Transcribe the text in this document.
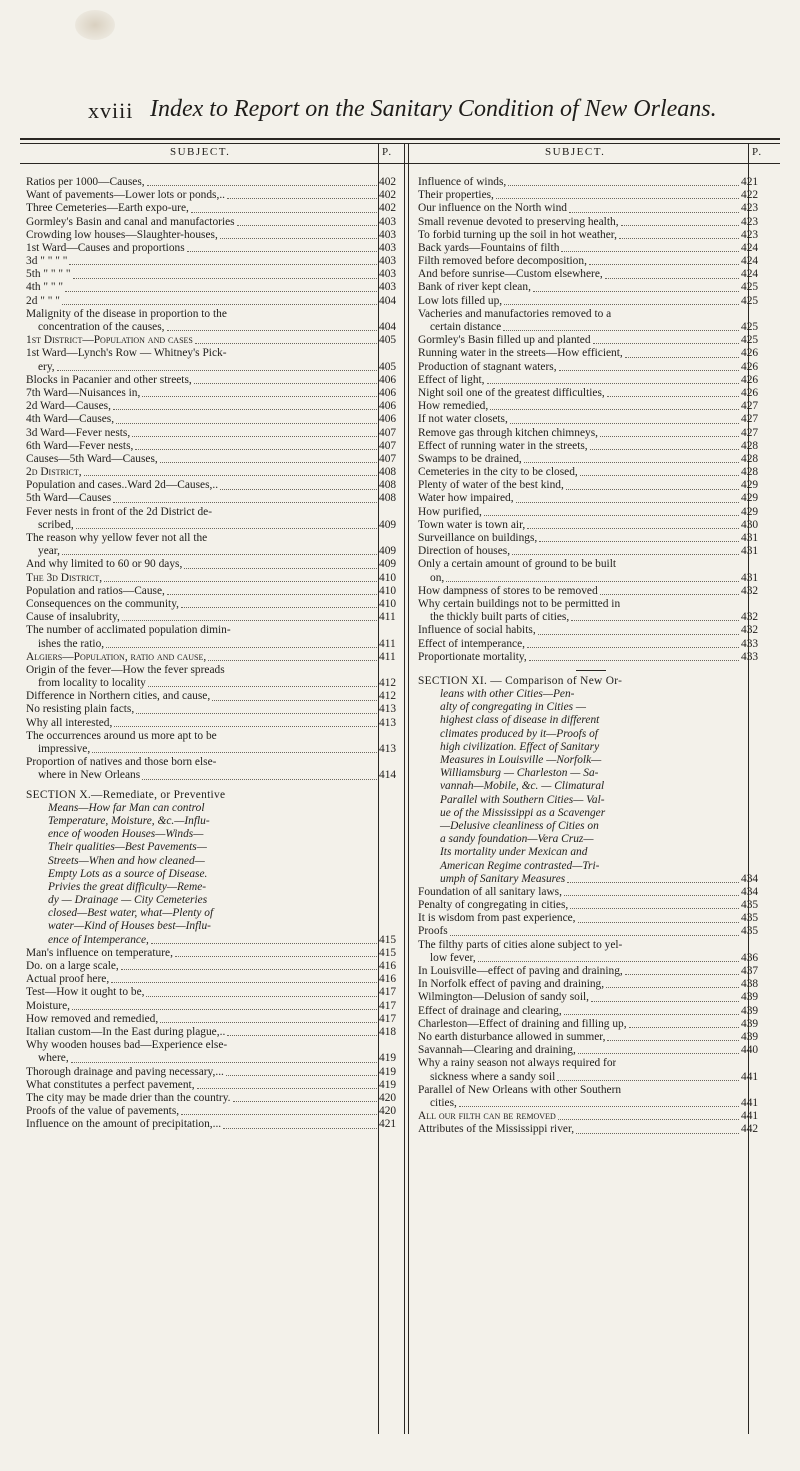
xviii Index to Report on the Sanitary Condition of New Orleans.
SUBJECT.	P.	SUBJECT.	P.
Ratios per 1000—Causes,	402
Want of pavements—Lower lots or ponds,..	402
Three Cemeteries—Earth expo-ure,	402
Gormley's Basin and canal and manufactories	403
Crowding low houses—Slaughter-houses,	403
1st Ward—Causes and proportions	403
3d " " " "	403
5th " " " "	403
4th " " "	403
2d " " "	404
Malignity of the disease in proportion to the
concentration of the causes,	404
1st District—Population and cases	405
1st Ward—Lynch's Row — Whitney's Pick-
ery,	405
Blocks in Pacanier and other streets,	406
7th Ward—Nuisances in,	406
2d Ward—Causes,	406
4th Ward—Causes,	406
3d Ward—Fever nests,	407
6th Ward—Fever nests,	407
Causes—5th Ward—Causes,	407
2d District,	408
Population and cases..Ward 2d—Causes,..	408
5th Ward—Causes	408
Fever nests in front of the 2d District de-
scribed,	409
The reason why yellow fever not all the
year,	409
And why limited to 60 or 90 days,	409
The 3d District,	410
Population and ratios—Cause,	410
Consequences on the community,	410
Cause of insalubrity,	411
The number of acclimated population dimin-
ishes the ratio,	411
Algiers—Population, ratio and cause,	411
Origin of the fever—How the fever spreads
from locality to locality	412
Difference in Northern cities, and cause,	412
No resisting plain facts,	413
Why all interested,	413
The occurrences around us more apt to be
impressive,	413
Proportion of natives and those born else-
where in New Orleans	414
SECTION X.—Remediate, or Preventive
Means—How far Man can control
Temperature, Moisture, &c.—Influ-
ence of wooden Houses—Winds—
Their qualities—Best Pavements—
Streets—When and how cleaned—
Empty Lots as a source of Disease.
Privies the great difficulty—Reme-
dy — Drainage — City Cemeteries
closed—Best water, what—Plenty of
water—Kind of Houses best—Influ-
ence of Intemperance,	415
Man's influence on temperature,	415
Do. on a large scale,	416
Actual proof here,	416
Test—How it ought to be,	417
Moisture,	417
How removed and remedied,	417
Italian custom—In the East during plague,..	418
Why wooden houses bad—Experience else-
where,	419
Thorough drainage and paving necessary,...	419
What constitutes a perfect pavement,	419
The city may be made drier than the country.	420
Proofs of the value of pavements,	420
Influence on the amount of precipitation,...	421
Influence of winds,	421
Their properties,	422
Our influence on the North wind	423
Small revenue devoted to preserving health,	423
To forbid turning up the soil in hot weather,	423
Back yards—Fountains of filth	424
Filth removed before decomposition,	424
And before sunrise—Custom elsewhere,	424
Bank of river kept clean,	425
Low lots filled up,	425
Vacheries and manufactories removed to a
certain distance	425
Gormley's Basin filled up and planted	425
Running water in the streets—How efficient,	426
Production of stagnant waters,	426
Effect of light,	426
Night soil one of the greatest difficulties,	426
How remedied,	427
If not water closets,	427
Remove gas through kitchen chimneys,	427
Effect of running water in the streets,	428
Swamps to be drained,	428
Cemeteries in the city to be closed,	428
Plenty of water of the best kind,	429
Water how impaired,	429
How purified,	429
Town water is town air,	430
Surveillance on buildings,	431
Direction of houses,	431
Only a certain amount of ground to be built
on,	431
How dampness of stores to be removed	432
Why certain buildings not to be permitted in
the thickly built parts of cities,	432
Influence of social habits,	432
Effect of intemperance,	433
Proportionate mortality,	433
SECTION XI. — Comparison of New Or-
leans with other Cities—Pen-
alty of congregating in Cities —
highest class of disease in different
climates produced by it—Proofs of
high civilization. Effect of Sanitary
Measures in Louisville —Norfolk—
Williamsburg — Charleston — Sa-
vannah—Mobile, &c. — Climatural
Parallel with Southern Cities— Val-
ue of the Mississippi as a Scavenger
—Delusive cleanliness of Cities on
a sandy foundation—Vera Cruz—
Its mortality under Mexican and
American Regime contrasted—Tri-
umph of Sanitary Measures	434
Foundation of all sanitary laws,	434
Penalty of congregating in cities,	435
It is wisdom from past experience,	435
Proofs	435
The filthy parts of cities alone subject to yel-
low fever,	436
In Louisville—effect of paving and draining,	437
In Norfolk effect of paving and draining,	438
Wilmington—Delusion of sandy soil,	439
Effect of drainage and clearing,	439
Charleston—Effect of draining and filling up,	439
No earth disturbance allowed in summer,	439
Savannah—Clearing and draining,	440
Why a rainy season not always required for
sickness where a sandy soil	441
Parallel of New Orleans with other Southern
cities,	441
All our filth can be removed	441
Attributes of the Mississippi river,	442
